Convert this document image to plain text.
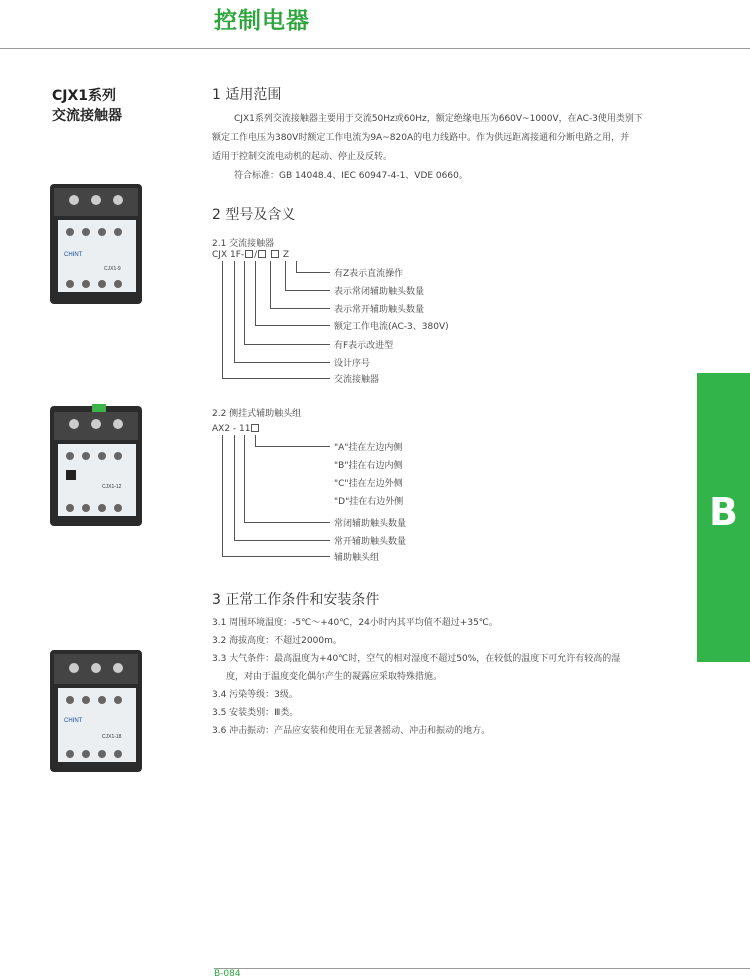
控制电器
CJX1系列
交流接触器
CHINT
CJX1-9
CJX1-12
CHINT
CJX1-18
1 适用范围
CJX1系列交流接触器主要用于交流50Hz或60Hz，额定绝缘电压为660V~1000V，在AC-3使用类别下
额定工作电压为380V时额定工作电流为9A~820A的电力线路中。作为供远距离接通和分断电路之用，并
适用于控制交流电动机的起动、停止及反转。
符合标准：GB 14048.4、IEC 60947-4-1、VDE 0660。
2 型号及含义
2.1 交流接触器
CJX 1F- /	Z
有Z表示直流操作
表示常闭辅助触头数量
表示常开辅助触头数量
额定工作电流(AC-3、380V)
有F表示改进型
设计序号
交流接触器
2.2 侧挂式辅助触头组
AX2 - 11
"A"挂在左边内侧
"B"挂在右边内侧
"C"挂在左边外侧
"D"挂在右边外侧
常闭辅助触头数量
常开辅助触头数量
辅助触头组
3 正常工作条件和安装条件
3.1 周围环境温度：-5℃～+40℃，24小时内其平均值不超过+35℃。
3.2 海拔高度：不超过2000m。
3.3 大气条件：最高温度为+40℃时，空气的相对湿度不超过50%，在较低的温度下可允许有较高的湿
度，对由于温度变化偶尔产生的凝露应采取特殊措施。
3.4 污染等级：3级。
3.5 安装类别：Ⅲ类。
3.6 冲击振动：产品应安装和使用在无显著摇动、冲击和振动的地方。
B
B-084
